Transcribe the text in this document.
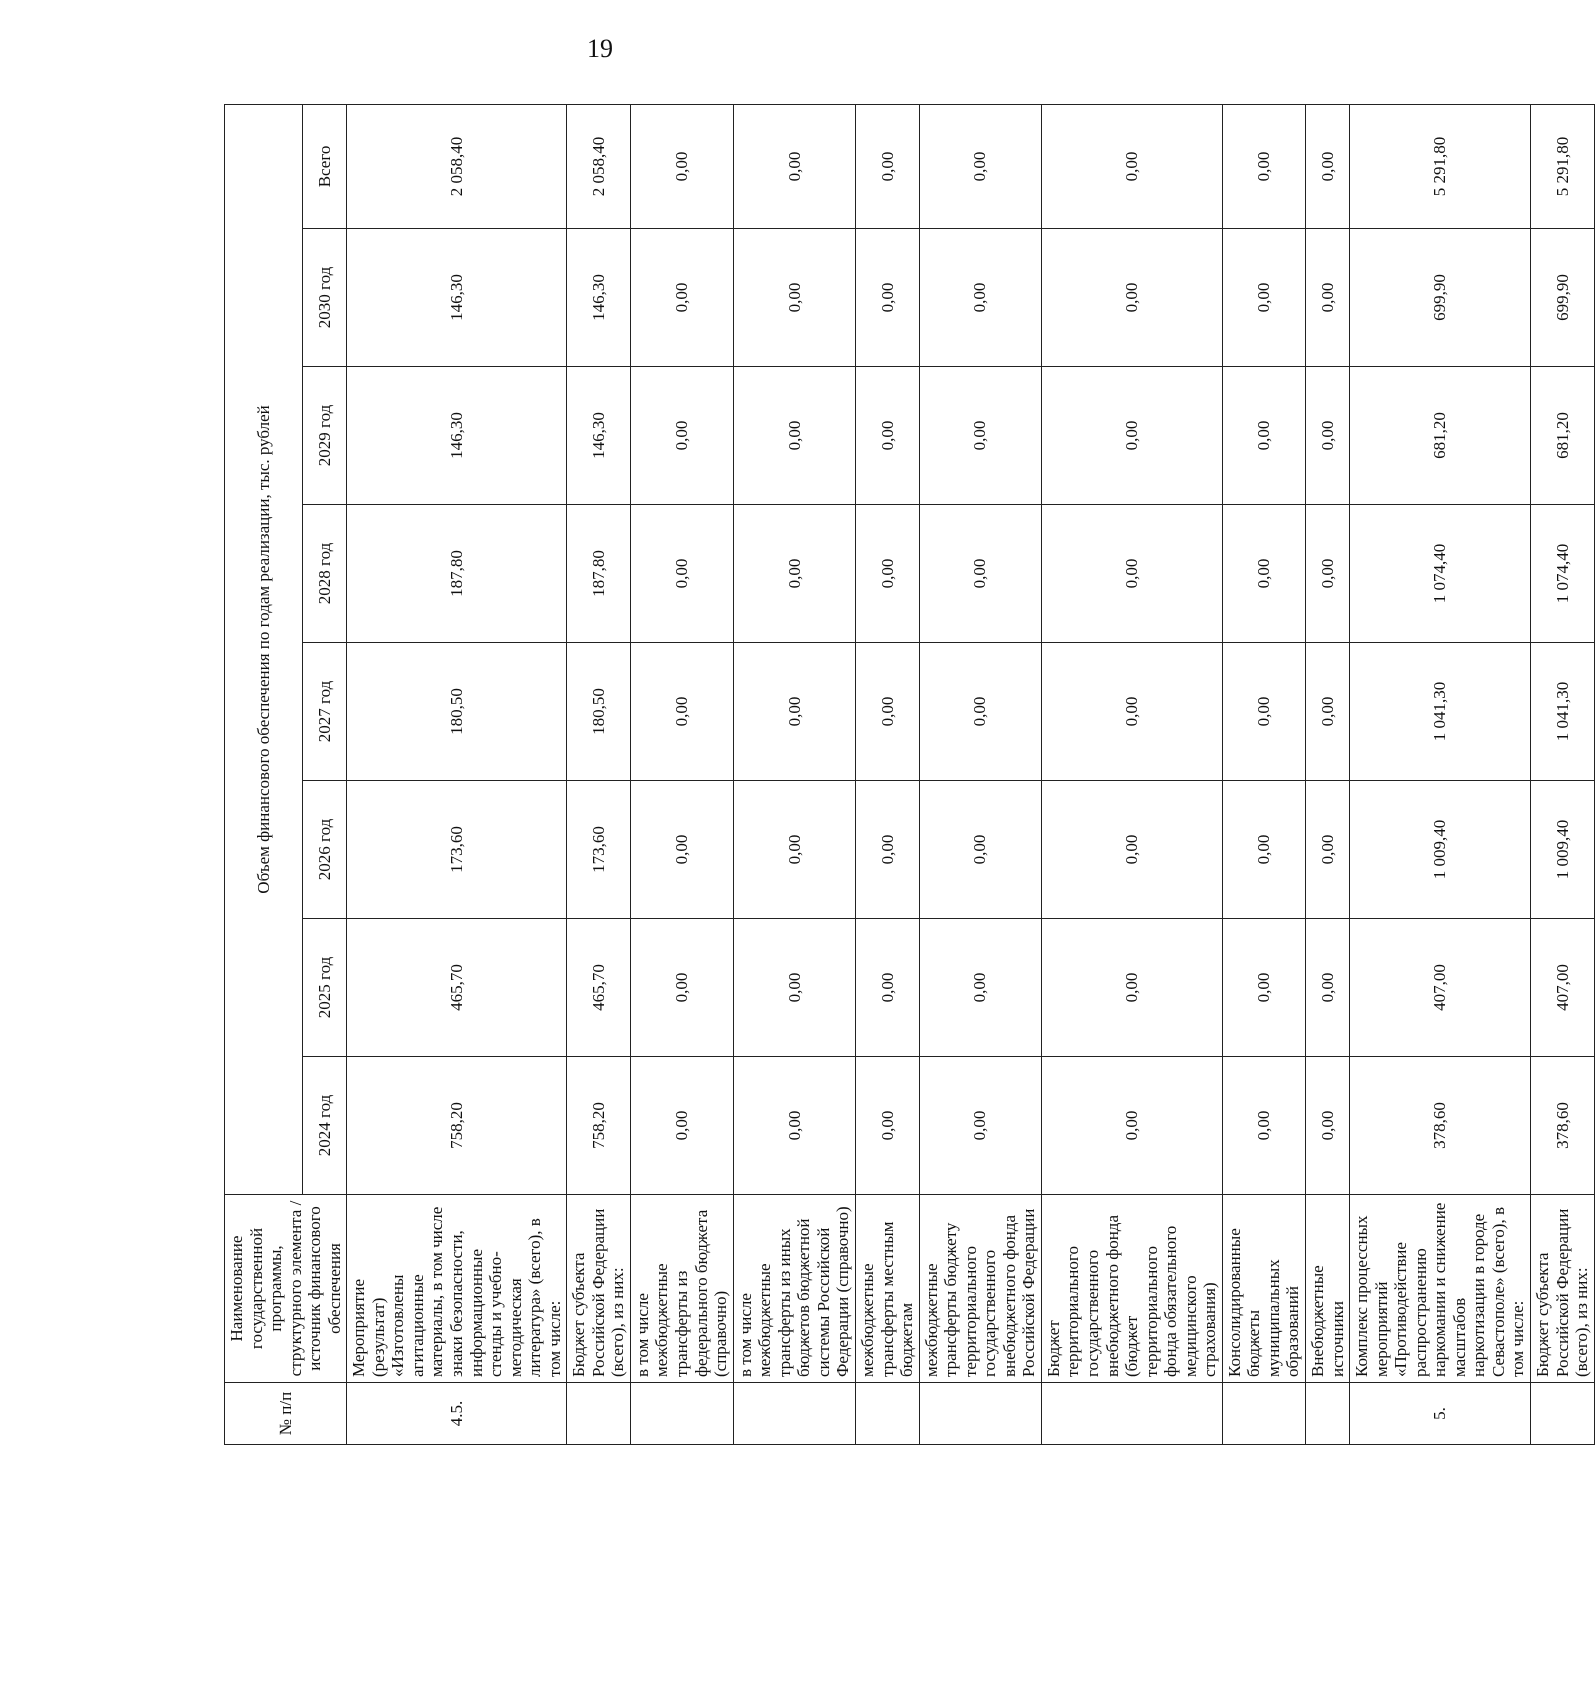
19
№ п/п	Наименование государственной программы, структурного элемента / источник финансового обеспечения	Объем финансового обеспечения по годам реализации, тыс. рублей							
		2024 год	2025 год	2026 год	2027 год	2028 год	2029 год	2030 год	Всего
4.5.	Мероприятие (результат) «Изготовлены агитационные материалы, в том числе знаки безопасности, информационные стенды и учебно-методическая литература» (всего), в том числе:	758,20	465,70	173,60	180,50	187,80	146,30	146,30	2 058,40
	Бюджет субъекта Российской Федерации (всего), из них:	758,20	465,70	173,60	180,50	187,80	146,30	146,30	2 058,40
	в том числе межбюджетные трансферты из федерального бюджета (справочно)	0,00	0,00	0,00	0,00	0,00	0,00	0,00	0,00
	в том числе межбюджетные трансферты из иных бюджетов бюджетной системы Российской Федерации (справочно)	0,00	0,00	0,00	0,00	0,00	0,00	0,00	0,00
	межбюджетные трансферты местным бюджетам	0,00	0,00	0,00	0,00	0,00	0,00	0,00	0,00
	межбюджетные трансферты бюджету территориального государственного внебюджетного фонда Российской Федерации	0,00	0,00	0,00	0,00	0,00	0,00	0,00	0,00
	Бюджет территориального государственного внебюджетного фонда (бюджет территориального фонда обязательного медицинского страхования)	0,00	0,00	0,00	0,00	0,00	0,00	0,00	0,00
	Консолидированные бюджеты муниципальных образований	0,00	0,00	0,00	0,00	0,00	0,00	0,00	0,00
	Внебюджетные источники	0,00	0,00	0,00	0,00	0,00	0,00	0,00	0,00
5.	Комплекс процессных мероприятий «Противодействие распространению наркомании и снижение масштабов наркотизации в городе Севастополе» (всего), в том числе:	378,60	407,00	1 009,40	1 041,30	1 074,40	681,20	699,90	5 291,80
	Бюджет субъекта Российской Федерации (всего), из них:	378,60	407,00	1 009,40	1 041,30	1 074,40	681,20	699,90	5 291,80
